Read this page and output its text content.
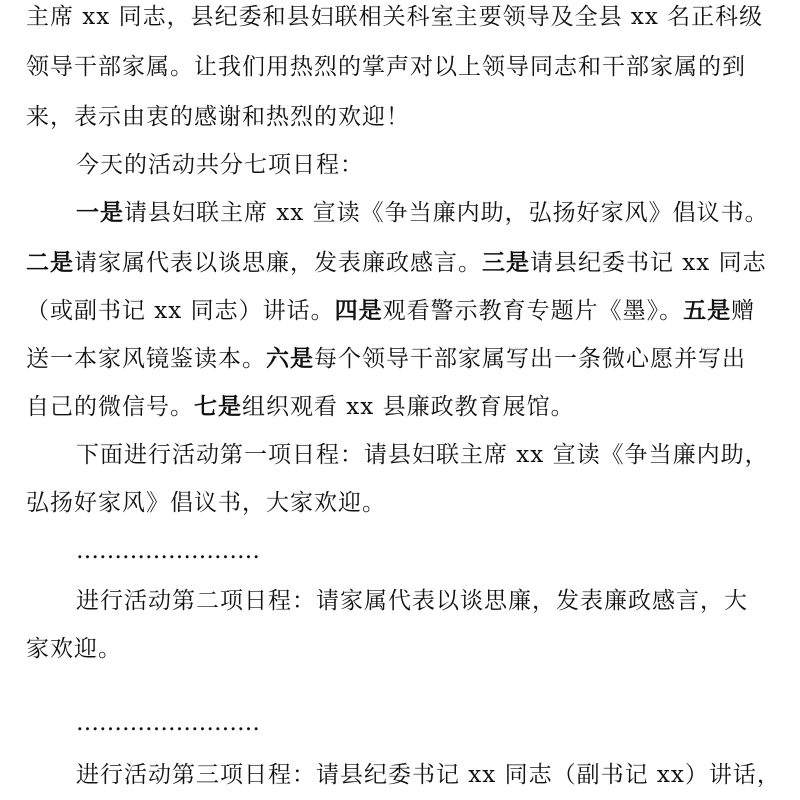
主席 xx 同志，县纪委和县妇联相关科室主要领导及全县 xx 名正科级
领导干部家属。让我们用热烈的掌声对以上领导同志和干部家属的到
来，表示由衷的感谢和热烈的欢迎！
今天的活动共分七项日程：
一是请县妇联主席 xx 宣读《争当廉内助，弘扬好家风》倡议书。
二是请家属代表以谈思廉，发表廉政感言。三是请县纪委书记 xx 同志
（或副书记 xx 同志）讲话。四是观看警示教育专题片《墨》。五是赠
送一本家风镜鉴读本。六是每个领导干部家属写出一条微心愿并写出
自己的微信号。七是组织观看 xx 县廉政教育展馆。
下面进行活动第一项日程：请县妇联主席 xx 宣读《争当廉内助，
弘扬好家风》倡议书，大家欢迎。
……………………
进行活动第二项日程：请家属代表以谈思廉，发表廉政感言，大
家欢迎。
……………………
进行活动第三项日程：请县纪委书记 xx 同志（副书记 xx）讲话，
